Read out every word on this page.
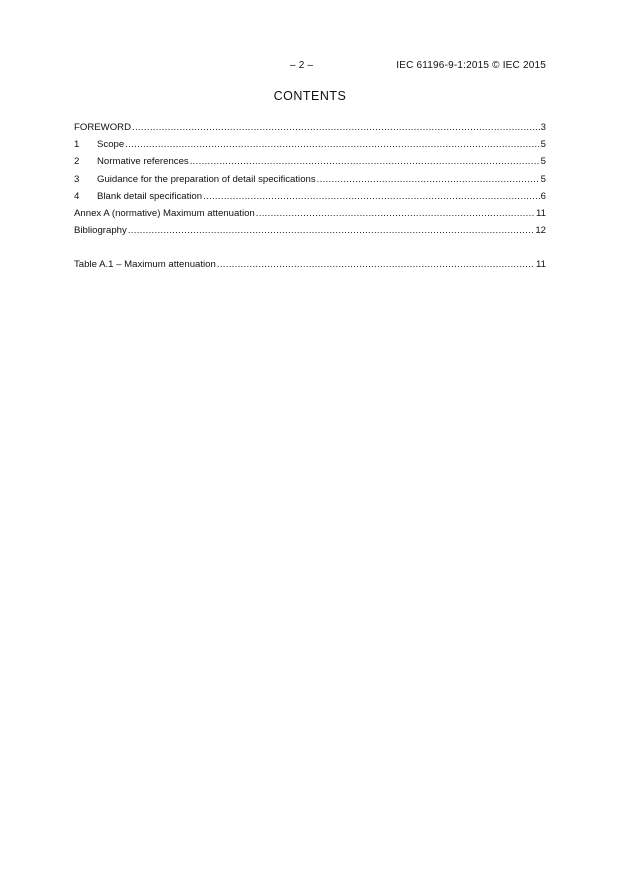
– 2 –	IEC 61196-9-1:2015 © IEC 2015
CONTENTS
FOREWORD .....	3
1	Scope .....	5
2	Normative references .....	5
3	Guidance for the preparation of detail specifications .....	5
4	Blank detail specification .....	6
Annex A (normative) Maximum attenuation .....	11
Bibliography .....	12
Table A.1 – Maximum attenuation .....	11
